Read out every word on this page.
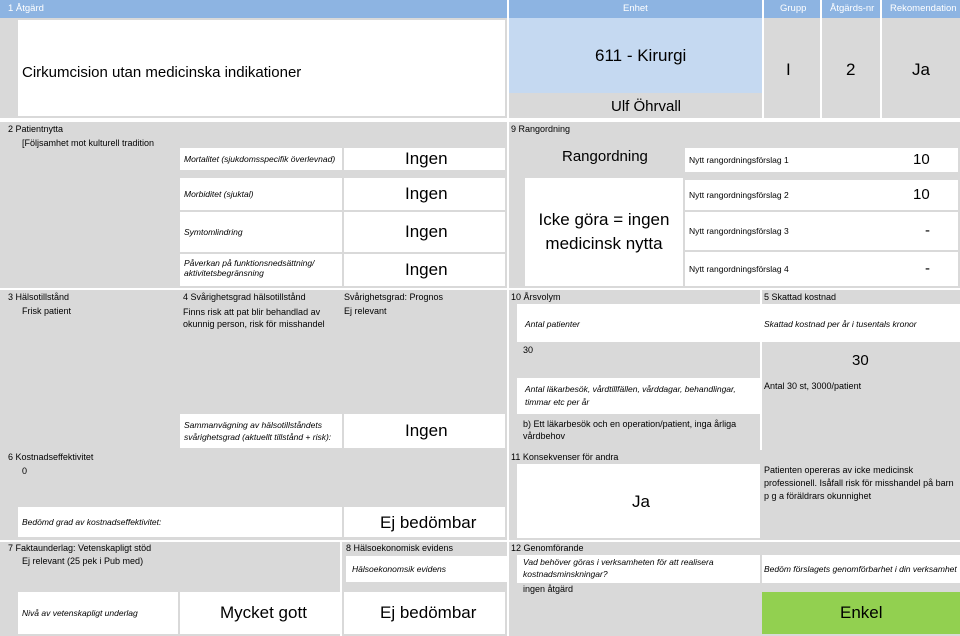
1 Åtgärd
Cirkumcision utan medicinska indikationer
Enhet
611 - Kirurgi
Ulf Öhrvall
Grupp
I
Åtgärds-nr
2
Rekomendation
Ja
2 Patientnytta
[Följsamhet mot kulturell tradition
Mortalitet (sjukdomsspecifik överlevnad)	Ingen
Morbiditet (sjuktal)	Ingen
Symtomlindring	Ingen
Påverkan på funktionsnedsättning/ aktivitetsbegränsning	Ingen
9 Rangordning
Rangordning
Icke göra = ingen medicinsk nytta
Nytt rangordningsförslag 1	10
Nytt rangordningsförslag 2	10
Nytt rangordningsförslag 3	-
Nytt rangordningsförslag 4	-
3 Hälsotillstånd
Frisk patient
4 Svårighetsgrad hälsotillstånd
Finns risk att pat blir behandlad av okunnig person, risk för misshandel
Svårighetsgrad: Prognos
Ej relevant
Sammanvägning av hälsotillståndets svårighetsgrad (aktuellt tillstånd + risk):	Ingen
10 Årsvolym
Antal patienter
30
Antal läkarbesök, vårdtillfällen, vårddagar, behandlingar, timmar etc per år
b) Ett läkarbesök och en operation/patient, inga årliga vårdbehov
5 Skattad kostnad
Skattad kostnad per år i tusentals kronor
30
Antal 30 st, 3000/patient
6 Kostnadseffektivitet
0
Bedömd grad av kostnadseffektivitet:	Ej bedömbar
11 Konsekvenser för andra
Ja
Patienten opereras av icke medicinsk professionell. Isåfall risk för misshandel på barn p g a föräldrars okunnighet
7 Faktaunderlag: Vetenskapligt stöd
Ej relevant (25 pek i Pub med)
Nivå av vetenskapligt underlag	Mycket gott
8 Hälsoekonomisk evidens
Hälsoekonomsik evidens
Ej bedömbar
12 Genomförande
Vad behöver göras i verksamheten för att realisera kostnadsminskningar?
ingen åtgärd
Bedöm förslagets genomförbarhet i din verksamhet
Enkel
